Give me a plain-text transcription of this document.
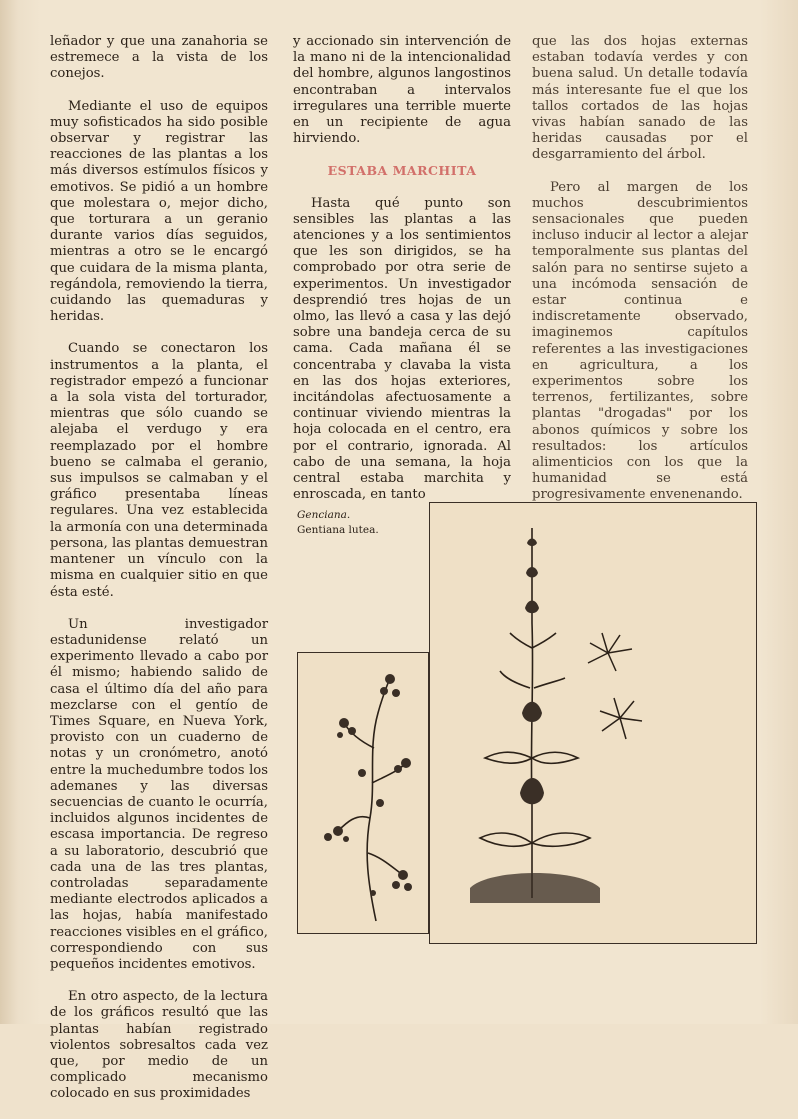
leñador y que una zanahoria se estremece a la vista de los conejos.

Mediante el uso de equipos muy sofisticados ha sido posible observar y registrar las reacciones de las plantas a los más diversos estímulos físicos y emotivos. Se pidió a un hombre que molestara o, mejor dicho, que torturara a un geranio durante varios días seguidos, mientras a otro se le encargó que cuidara de la misma planta, regándola, removiendo la tierra, cuidando las quemaduras y heridas.

Cuando se conectaron los instrumentos a la planta, el registrador empezó a funcionar a la sola vista del torturador, mientras que sólo cuando se alejaba el verdugo y era reemplazado por el hombre bueno se calmaba el geranio, sus impulsos se calmaban y el gráfico presentaba líneas regulares. Una vez establecida la armonía con una determinada persona, las plantas demuestran mantener un vínculo con la misma en cualquier sitio en que ésta esté.

Un investigador estadunidense relató un experimento llevado a cabo por él mismo; habiendo salido de casa el último día del año para mezclarse con el gentío de Times Square, en Nueva York, provisto con un cuaderno de notas y un cronómetro, anotó entre la muchedumbre todos los ademanes y las diversas secuencias de cuanto le ocurría, incluidos algunos incidentes de escasa importancia. De regreso a su laboratorio, descubrió que cada una de las tres plantas, controladas separadamente mediante electrodos aplicados a las hojas, había manifestado reacciones visibles en el gráfico, correspondiendo con sus pequeños incidentes emotivos.

En otro aspecto, de la lectura de los gráficos resultó que las plantas habían registrado violentos sobresaltos cada vez que, por medio de un complicado mecanismo colocado en sus proximidades

y accionado sin intervención de la mano ni de la intencionalidad del hombre, algunos langostinos encontraban a intervalos irregulares una terrible muerte en un recipiente de agua hirviendo.

ESTABA MARCHITA

Hasta qué punto son sensibles las plantas a las atenciones y a los sentimientos que les son dirigidos, se ha comprobado por otra serie de experimentos. Un investigador desprendió tres hojas de un olmo, las llevó a casa y las dejó sobre una bandeja cerca de su cama. Cada mañana él se concentraba y clavaba la vista en las dos hojas exteriores, incitándolas afectuosamente a continuar viviendo mientras la hoja colocada en el centro, era por el contrario, ignorada. Al cabo de una semana, la hoja central estaba marchita y enroscada, en tanto

que las dos hojas externas estaban todavía verdes y con buena salud. Un detalle todavía más interesante fue el que los tallos cortados de las hojas vivas habían sanado de las heridas causadas por el desgarramiento del árbol.

Pero al margen de los muchos descubrimientos sensacionales que pueden incluso inducir al lector a alejar temporalmente sus plantas del salón para no sentirse sujeto a una incómoda sensación de estar continua e indiscretamente observado, imaginemos capítulos referentes a las investigaciones en agricultura, a los experimentos sobre los terrenos, fertilizantes, sobre plantas "drogadas" por los abonos químicos y sobre los resultados: los artículos alimenticios con los que la humanidad se está progresivamente envenenando.

Genciana.
Gentiana lutea.
